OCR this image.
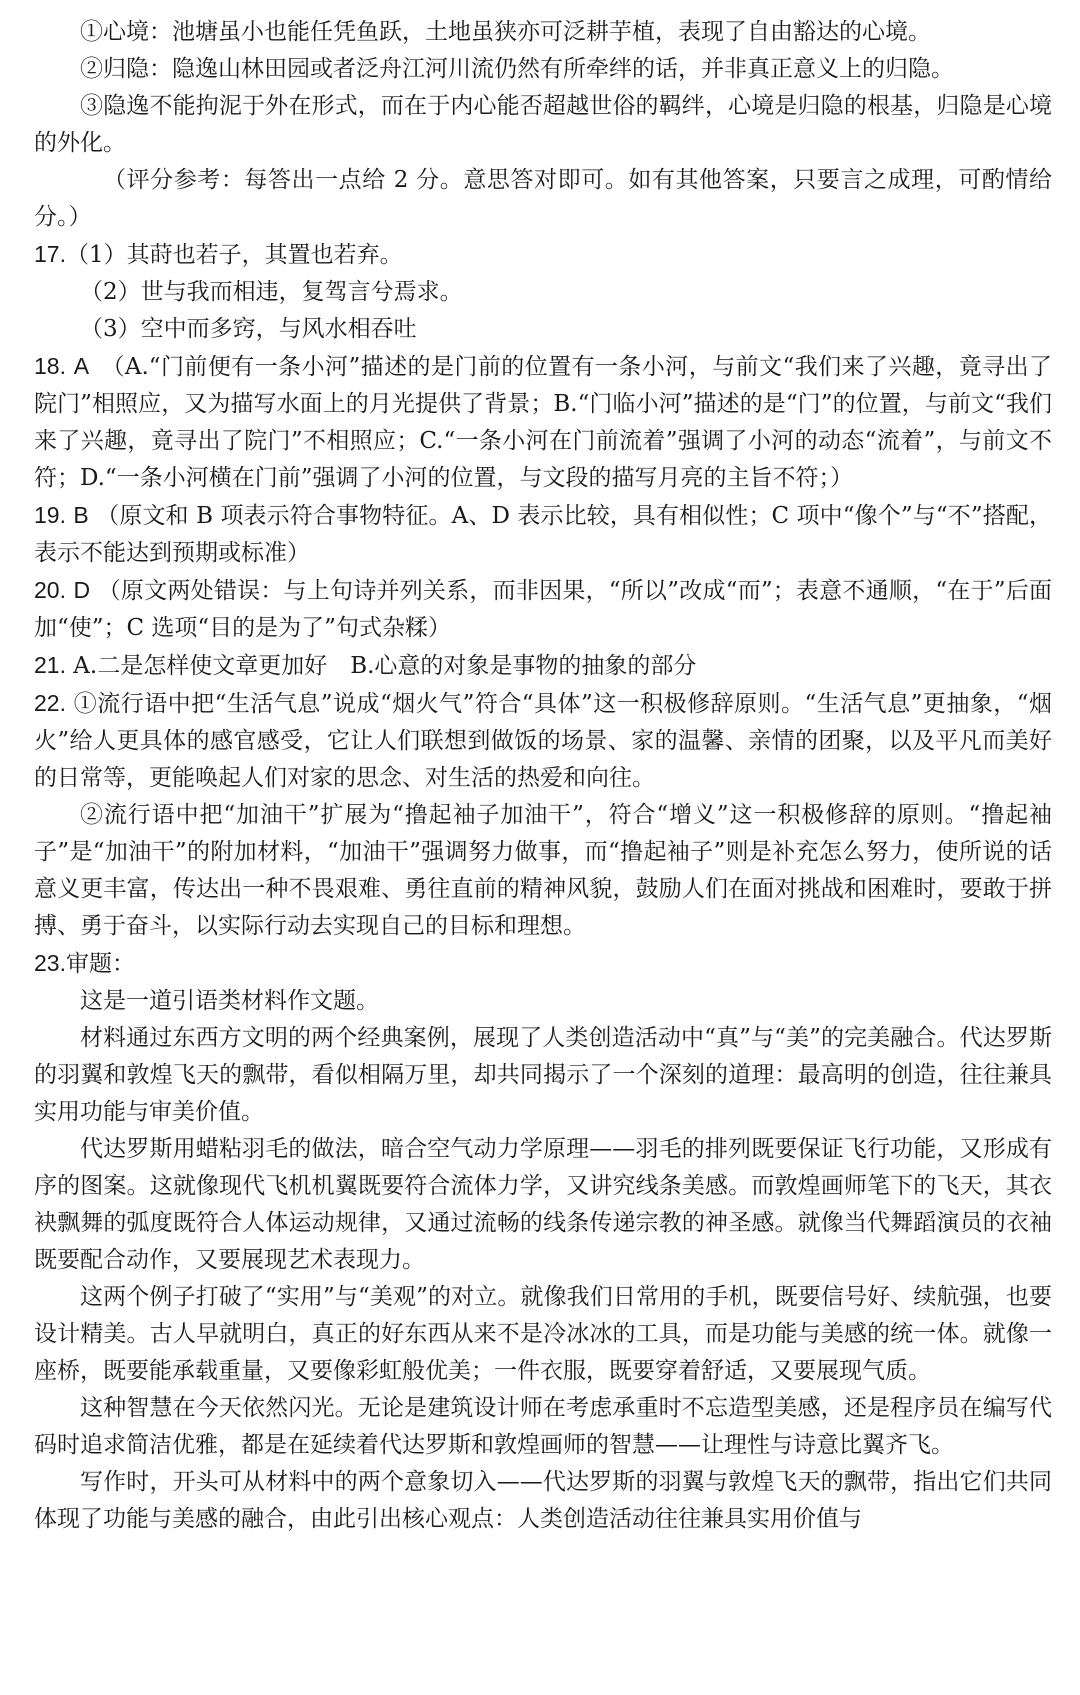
①心境：池塘虽小也能任凭鱼跃，土地虽狭亦可泛耕芋植，表现了自由豁达的心境。

②归隐：隐逸山林田园或者泛舟江河川流仍然有所牵绊的话，并非真正意义上的归隐。

③隐逸不能拘泥于外在形式，而在于内心能否超越世俗的羁绊，心境是归隐的根基，归隐是心境的外化。

（评分参考：每答出一点给 2 分。意思答对即可。如有其他答案，只要言之成理，可酌情给分。）

17.（1）其莳也若子，其置也若弃。

（2）世与我而相违，复驾言兮焉求。

（3）空中而多窍，与风水相吞吐

18. A　 （A.“门前便有一条小河”描述的是门前的位置有一条小河，与前文“我们来了兴趣，竟寻出了院门”相照应，又为描写水面上的月光提供了背景；B.“门临小河”描述的是“门”的位置，与前文“我们来了兴趣，竟寻出了院门”不相照应；C.“一条小河在门前流着”强调了小河的动态“流着”，与前文不符；D.“一条小河横在门前”强调了小河的位置，与文段的描写月亮的主旨不符；）

19. B （原文和 B 项表示符合事物特征。A、D 表示比较，具有相似性；C 项中“像个”与“不”搭配，表示不能达到预期或标准）

20. D （原文两处错误：与上句诗并列关系，而非因果，“所以”改成“而”；表意不通顺，“在于”后面加“使”；C 选项“目的是为了”句式杂糅）

21. A.二是怎样使文章更加好　B.心意的对象是事物的抽象的部分

22. ①流行语中把“生活气息”说成“烟火气”符合“具体”这一积极修辞原则。“生活气息”更抽象，“烟火”给人更具体的感官感受，它让人们联想到做饭的场景、家的温馨、亲情的团聚，以及平凡而美好的日常等，更能唤起人们对家的思念、对生活的热爱和向往。

②流行语中把“加油干”扩展为“撸起袖子加油干”，符合“增义”这一积极修辞的原则。“撸起袖子”是“加油干”的附加材料，“加油干”强调努力做事，而“撸起袖子”则是补充怎么努力，使所说的话意义更丰富，传达出一种不畏艰难、勇往直前的精神风貌，鼓励人们在面对挑战和困难时，要敢于拼搏、勇于奋斗，以实际行动去实现自己的目标和理想。

23.审题：

这是一道引语类材料作文题。

材料通过东西方文明的两个经典案例，展现了人类创造活动中“真”与“美”的完美融合。代达罗斯的羽翼和敦煌飞天的飘带，看似相隔万里，却共同揭示了一个深刻的道理：最高明的创造，往往兼具实用功能与审美价值。

代达罗斯用蜡粘羽毛的做法，暗合空气动力学原理——羽毛的排列既要保证飞行功能，又形成有序的图案。这就像现代飞机机翼既要符合流体力学，又讲究线条美感。而敦煌画师笔下的飞天，其衣袂飘舞的弧度既符合人体运动规律，又通过流畅的线条传递宗教的神圣感。就像当代舞蹈演员的衣袖既要配合动作，又要展现艺术表现力。

这两个例子打破了“实用”与“美观”的对立。就像我们日常用的手机，既要信号好、续航强，也要设计精美。古人早就明白，真正的好东西从来不是冷冰冰的工具，而是功能与美感的统一体。就像一座桥，既要能承载重量，又要像彩虹般优美；一件衣服，既要穿着舒适，又要展现气质。

这种智慧在今天依然闪光。无论是建筑设计师在考虑承重时不忘造型美感，还是程序员在编写代码时追求简洁优雅，都是在延续着代达罗斯和敦煌画师的智慧——让理性与诗意比翼齐飞。

写作时，开头可从材料中的两个意象切入——代达罗斯的羽翼与敦煌飞天的飘带，指出它们共同体现了功能与美感的融合，由此引出核心观点：人类创造活动往往兼具实用价值与
